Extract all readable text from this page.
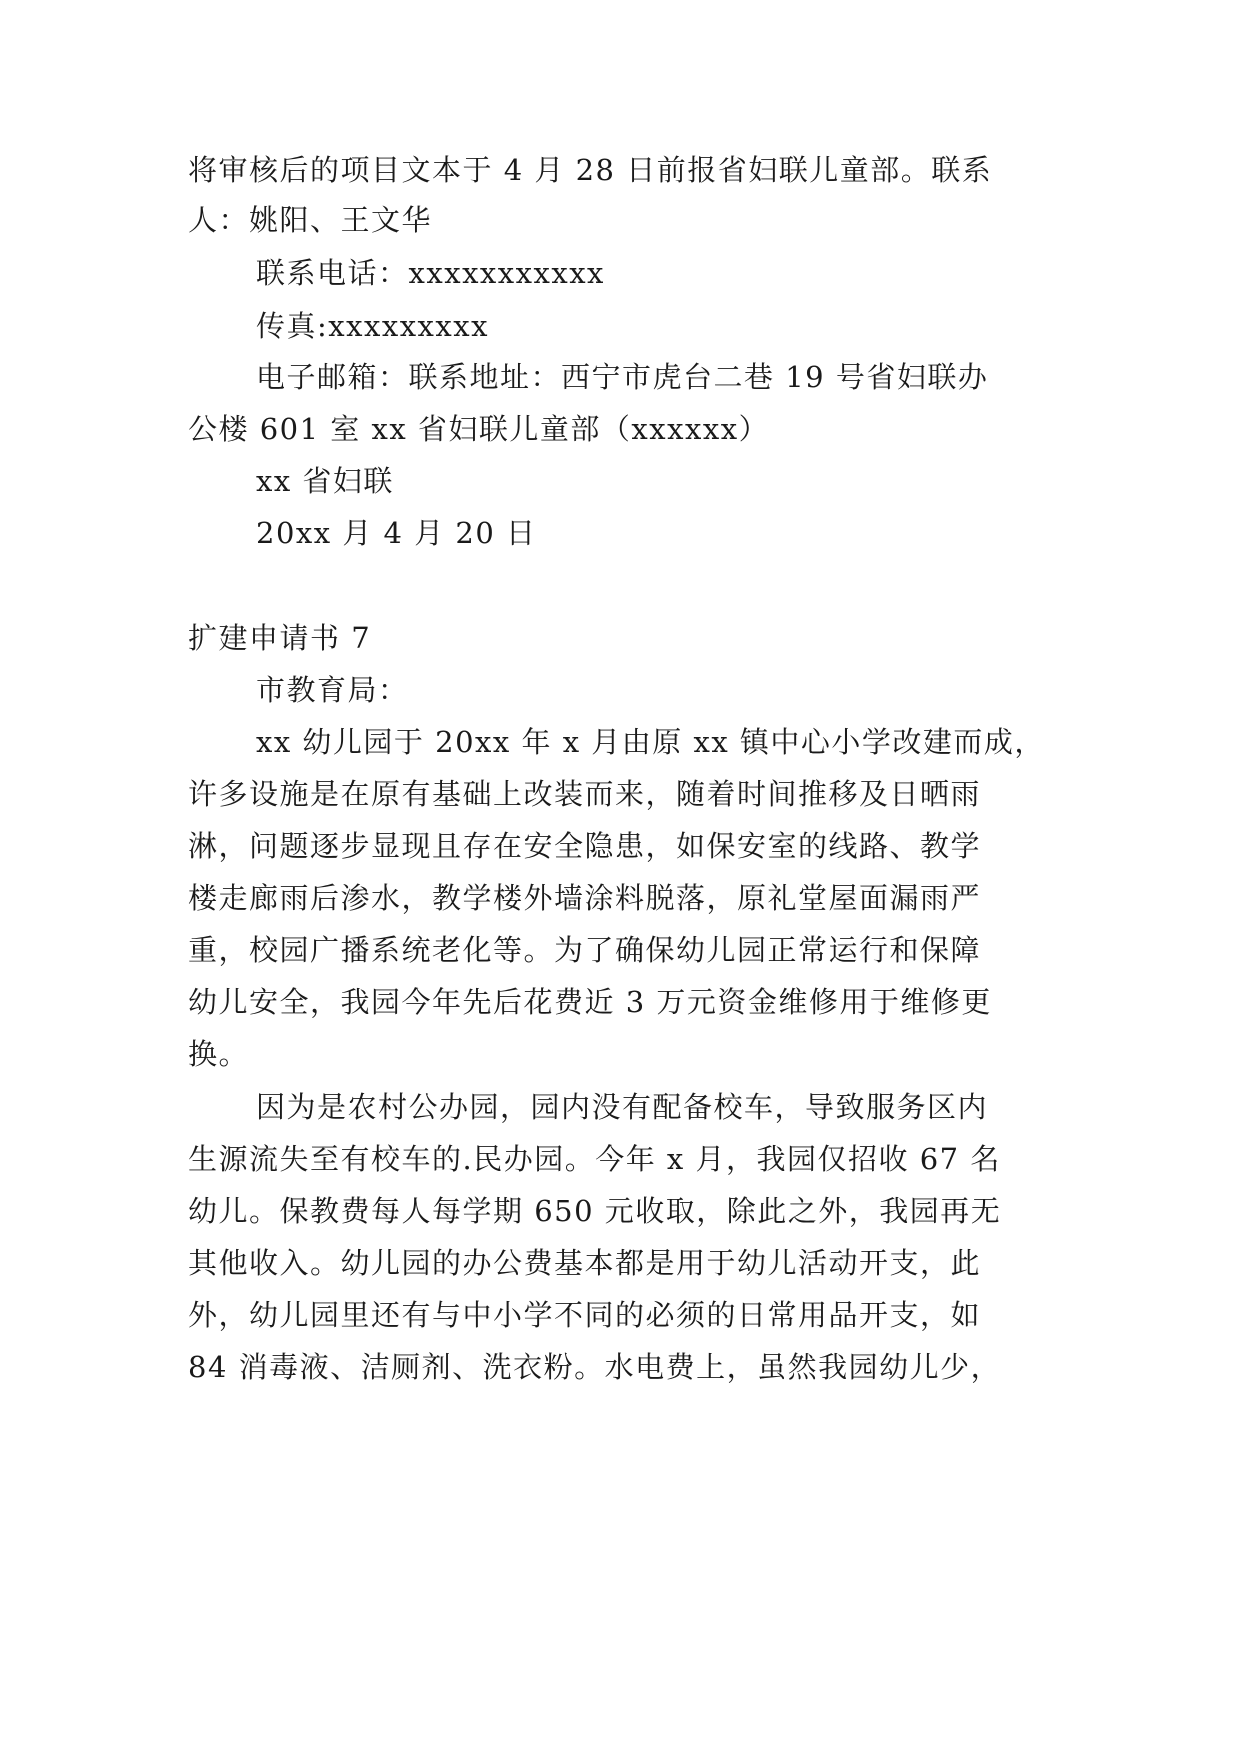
将审核后的项目文本于 4 月 28 日前报省妇联儿童部。联系
人：姚阳、王文华
联系电话：xxxxxxxxxxx
传真:xxxxxxxxx
电子邮箱：联系地址：西宁市虎台二巷 19 号省妇联办
公楼 601 室 xx 省妇联儿童部（xxxxxx）
xx 省妇联
20xx 月 4 月 20 日
扩建申请书 7
市教育局：
xx 幼儿园于 20xx 年 x 月由原 xx 镇中心小学改建而成，
许多设施是在原有基础上改装而来，随着时间推移及日晒雨
淋，问题逐步显现且存在安全隐患，如保安室的线路、教学
楼走廊雨后渗水，教学楼外墙涂料脱落，原礼堂屋面漏雨严
重，校园广播系统老化等。为了确保幼儿园正常运行和保障
幼儿安全，我园今年先后花费近 3 万元资金维修用于维修更
换。
因为是农村公办园，园内没有配备校车，导致服务区内
生源流失至有校车的.民办园。今年 x 月，我园仅招收 67 名
幼儿。保教费每人每学期 650 元收取，除此之外，我园再无
其他收入。幼儿园的办公费基本都是用于幼儿活动开支，此
外，幼儿园里还有与中小学不同的必须的日常用品开支，如
84 消毒液、洁厕剂、洗衣粉。水电费上，虽然我园幼儿少，
